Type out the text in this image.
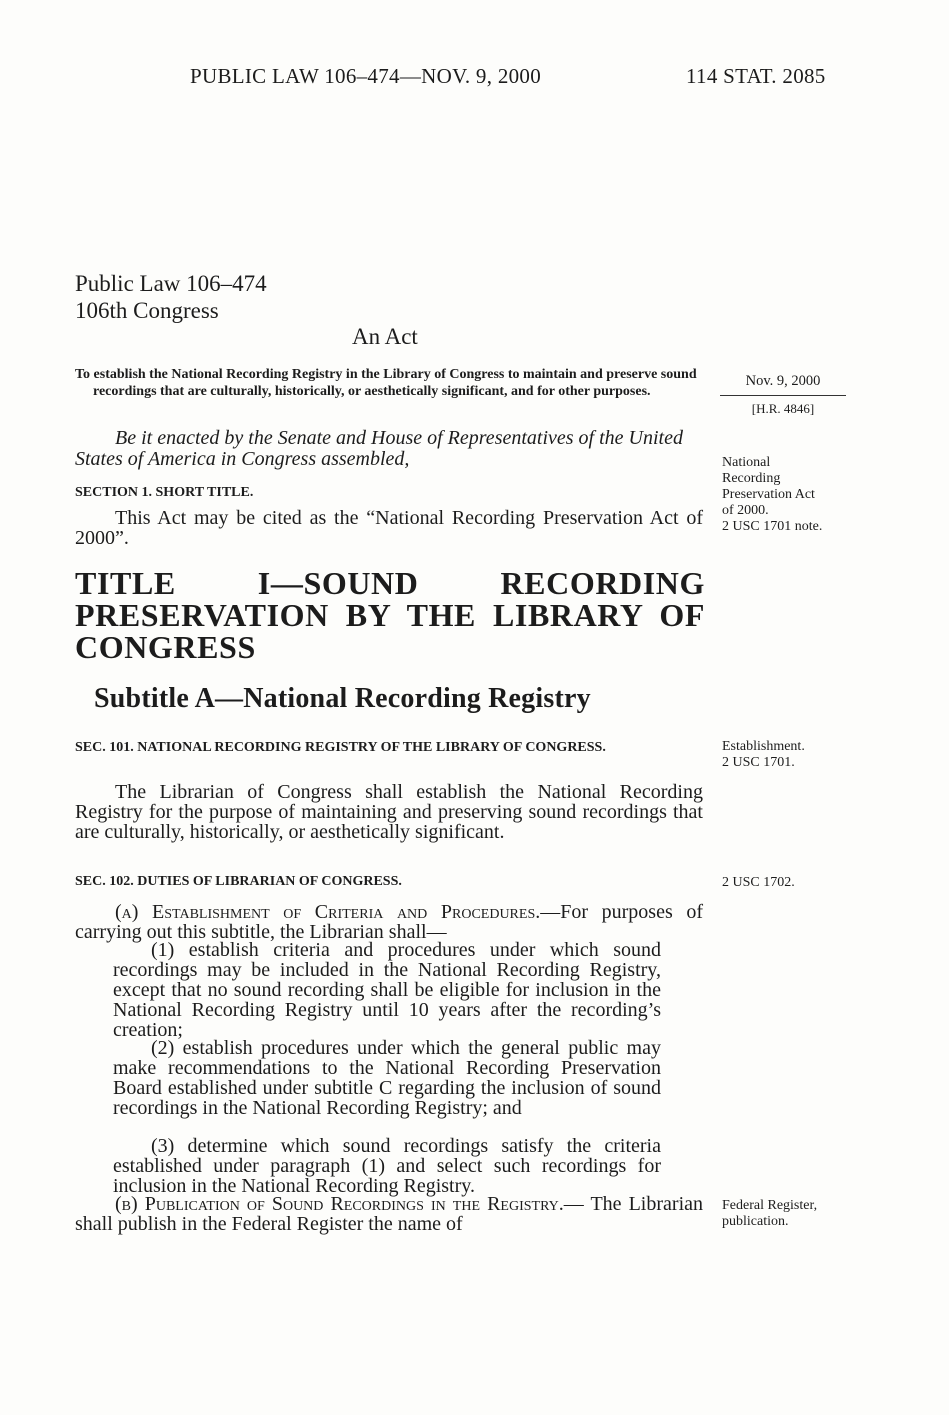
PUBLIC LAW 106–474—NOV. 9, 2000	114 STAT. 2085
Public Law 106–474
106th Congress
An Act
To establish the National Recording Registry in the Library of Congress to maintain and preserve sound recordings that are culturally, historically, or aesthetically significant, and for other purposes.
Nov. 9, 2000
[H.R. 4846]
Be it enacted by the Senate and House of Representatives of the United States of America in Congress assembled,
SECTION 1. SHORT TITLE.
This Act may be cited as the “National Recording Preservation Act of 2000”.
National
Recording
Preservation Act
of 2000.
2 USC 1701 note.
TITLE I—SOUND RECORDING PRESERVATION BY THE LIBRARY OF CONGRESS
Subtitle A—National Recording Registry
SEC. 101. NATIONAL RECORDING REGISTRY OF THE LIBRARY OF CONGRESS.	Establishment.
2 USC 1701.
The Librarian of Congress shall establish the National Recording Registry for the purpose of maintaining and preserving sound recordings that are culturally, historically, or aesthetically significant.
SEC. 102. DUTIES OF LIBRARIAN OF CONGRESS.	2 USC 1702.
(a) Establishment of Criteria and Procedures.—For purposes of carrying out this subtitle, the Librarian shall—
(1) establish criteria and procedures under which sound recordings may be included in the National Recording Registry, except that no sound recording shall be eligible for inclusion in the National Recording Registry until 10 years after the recording’s creation;
(2) establish procedures under which the general public may make recommendations to the National Recording Preservation Board established under subtitle C regarding the inclusion of sound recordings in the National Recording Registry; and
(3) determine which sound recordings satisfy the criteria established under paragraph (1) and select such recordings for inclusion in the National Recording Registry.
(b) Publication of Sound Recordings in the Registry.— The Librarian shall publish in the Federal Register the name of
Federal Register,
publication.
